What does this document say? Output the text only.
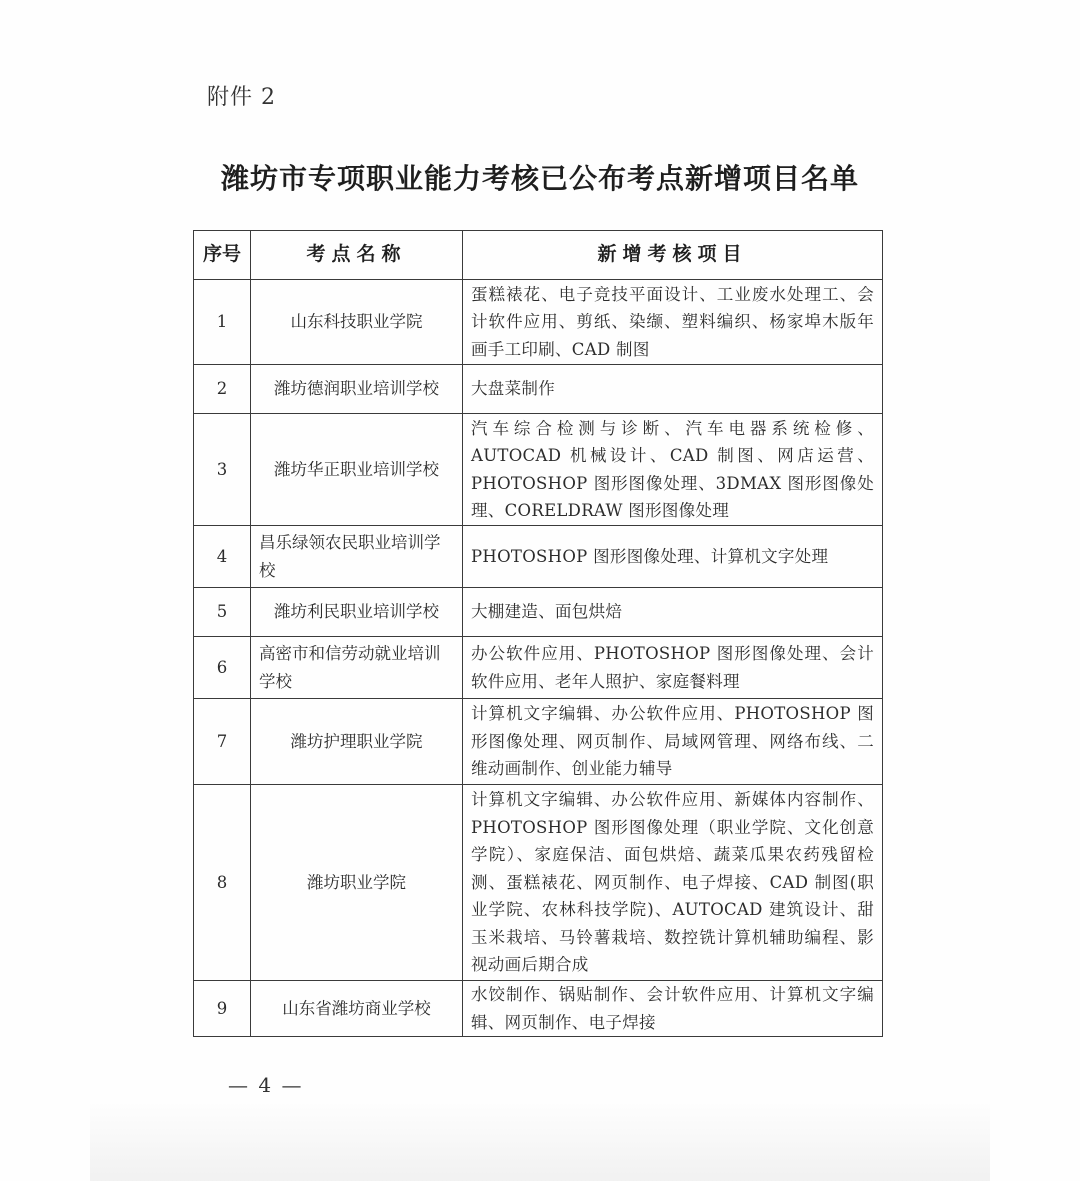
附件 2
潍坊市专项职业能力考核已公布考点新增项目名单
序号	考点名称	新增考核项目
1	山东科技职业学院	蛋糕裱花、电子竞技平面设计、工业废水处理工、会计软件应用、剪纸、染缬、塑料编织、杨家埠木版年画手工印刷、CAD 制图
2	潍坊德润职业培训学校	大盘菜制作
3	潍坊华正职业培训学校	汽车综合检测与诊断、汽车电器系统检修、AUTOCAD 机械设计、CAD 制图、网店运营、PHOTOSHOP 图形图像处理、3DMAX 图形图像处理、CORELDRAW 图形图像处理
4	昌乐绿领农民职业培训学校	PHOTOSHOP 图形图像处理、计算机文字处理
5	潍坊利民职业培训学校	大棚建造、面包烘焙
6	高密市和信劳动就业培训学校	办公软件应用、PHOTOSHOP 图形图像处理、会计软件应用、老年人照护、家庭餐料理
7	潍坊护理职业学院	计算机文字编辑、办公软件应用、PHOTOSHOP 图形图像处理、网页制作、局域网管理、网络布线、二维动画制作、创业能力辅导
8	潍坊职业学院	计算机文字编辑、办公软件应用、新媒体内容制作、PHOTOSHOP 图形图像处理（职业学院、文化创意学院）、家庭保洁、面包烘焙、蔬菜瓜果农药残留检测、蛋糕裱花、网页制作、电子焊接、CAD 制图(职业学院、农林科技学院)、AUTOCAD 建筑设计、甜玉米栽培、马铃薯栽培、数控铣计算机辅助编程、影视动画后期合成
9	山东省潍坊商业学校	水饺制作、锅贴制作、会计软件应用、计算机文字编辑、网页制作、电子焊接
— 4 —
